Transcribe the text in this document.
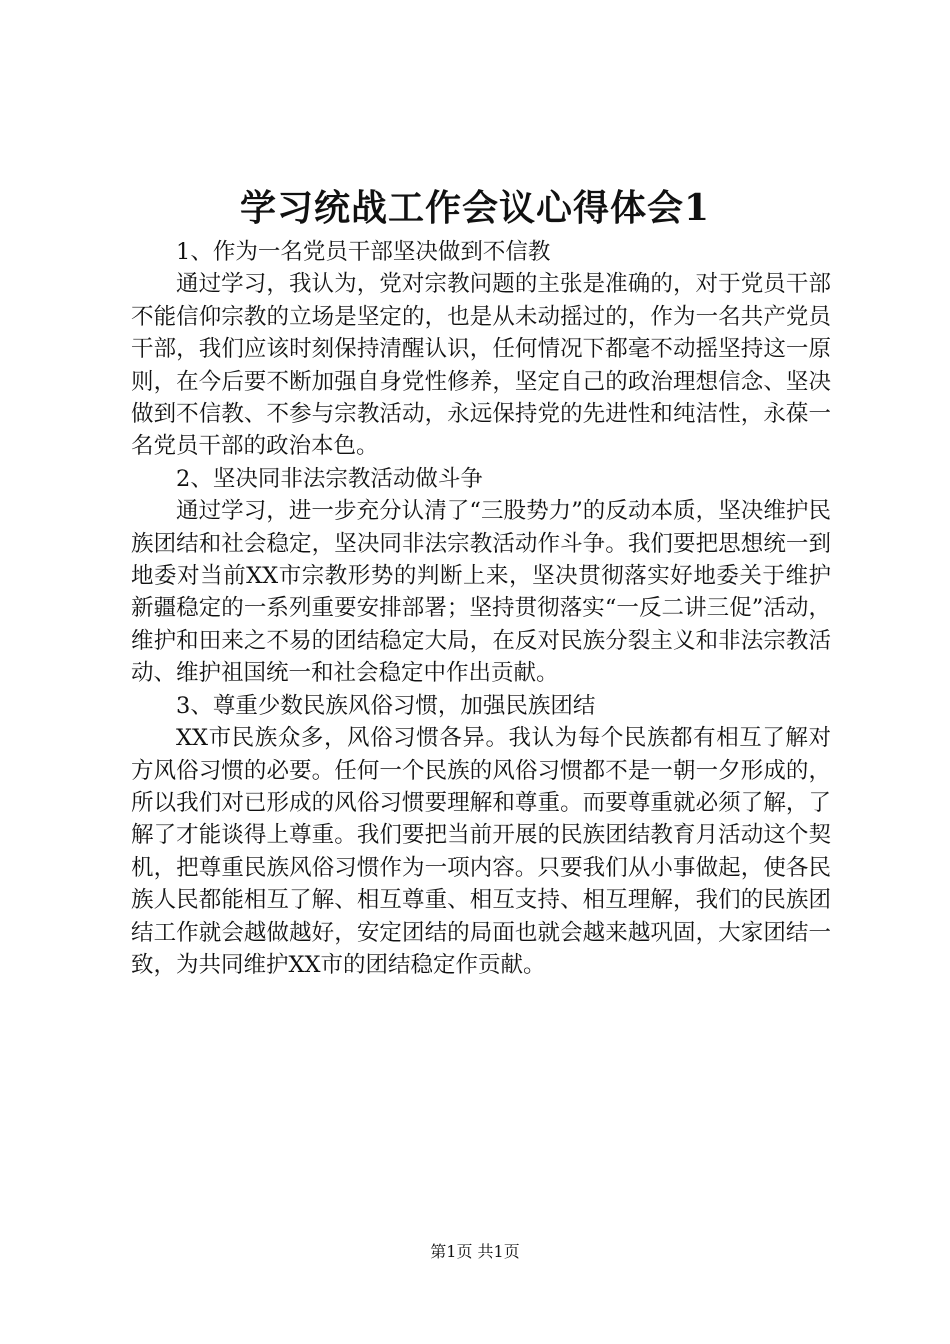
学习统战工作会议心得体会1

1、作为一名党员干部坚决做到不信教

通过学习，我认为，党对宗教问题的主张是准确的，对于党员干部不能信仰宗教的立场是坚定的，也是从未动摇过的，作为一名共产党员干部，我们应该时刻保持清醒认识，任何情况下都毫不动摇坚持这一原则，在今后要不断加强自身党性修养，坚定自己的政治理想信念、坚决做到不信教、不参与宗教活动，永远保持党的先进性和纯洁性，永葆一名党员干部的政治本色。

2、坚决同非法宗教活动做斗争

通过学习，进一步充分认清了“三股势力”的反动本质，坚决维护民族团结和社会稳定，坚决同非法宗教活动作斗争。我们要把思想统一到地委对当前XX市宗教形势的判断上来，坚决贯彻落实好地委关于维护新疆稳定的一系列重要安排部署；坚持贯彻落实“一反二讲三促”活动，维护和田来之不易的团结稳定大局，在反对民族分裂主义和非法宗教活动、维护祖国统一和社会稳定中作出贡献。

3、尊重少数民族风俗习惯，加强民族团结

XX市民族众多，风俗习惯各异。我认为每个民族都有相互了解对方风俗习惯的必要。任何一个民族的风俗习惯都不是一朝一夕形成的，所以我们对已形成的风俗习惯要理解和尊重。而要尊重就必须了解，了解了才能谈得上尊重。我们要把当前开展的民族团结教育月活动这个契机，把尊重民族风俗习惯作为一项内容。只要我们从小事做起，使各民族人民都能相互了解、相互尊重、相互支持、相互理解，我们的民族团结工作就会越做越好，安定团结的局面也就会越来越巩固，大家团结一致，为共同维护XX市的团结稳定作贡献。

第1页 共1页
